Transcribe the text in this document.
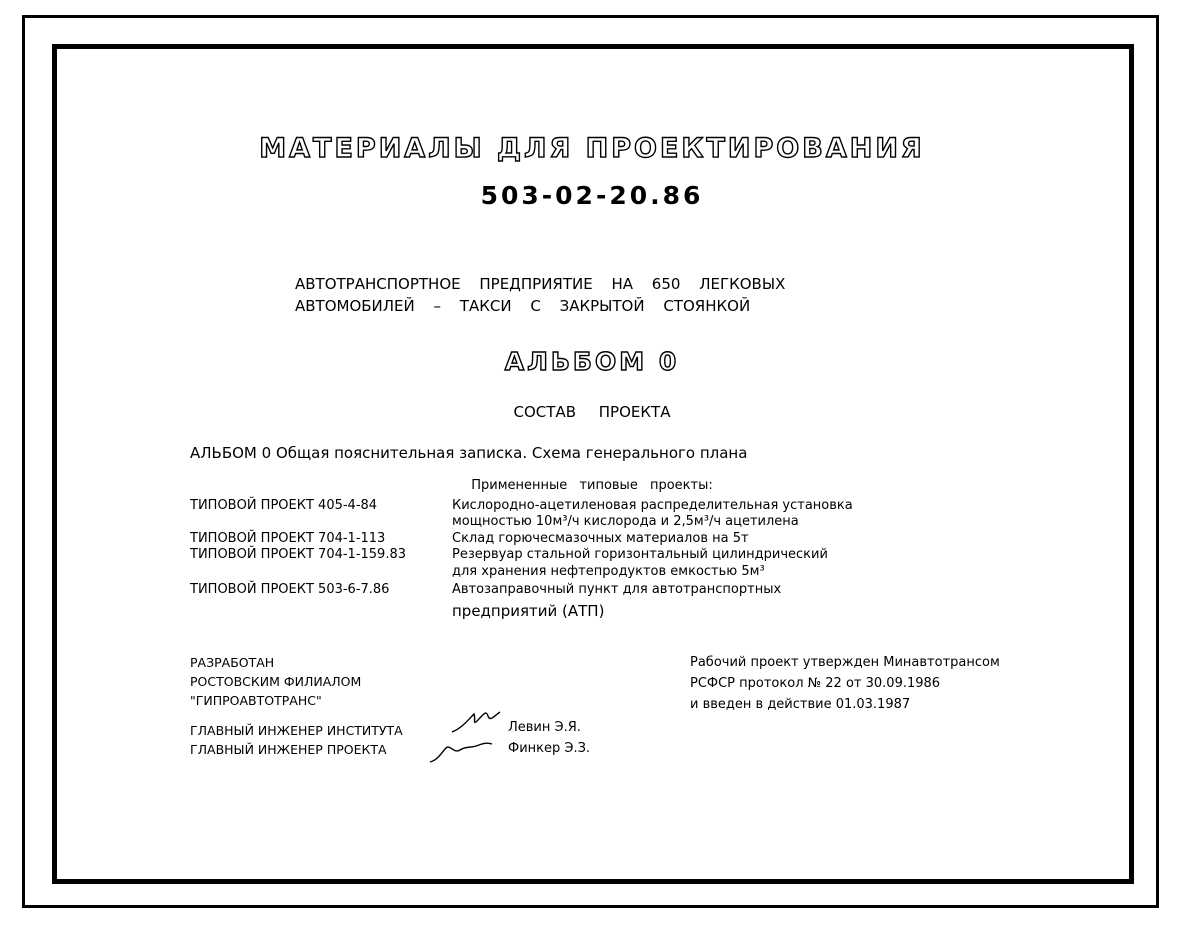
МАТЕРИАЛЫ ДЛЯ ПРОЕКТИРОВАНИЯ
503-02-20.86
АВТОТРАНСПОРТНОЕ ПРЕДПРИЯТИЕ НА 650 ЛЕГКОВЫХ
АВТОМОБИЛЕЙ – ТАКСИ С ЗАКРЫТОЙ СТОЯНКОЙ
АЛЬБОМ 0
СОСТАВ ПРОЕКТА
АЛЬБОМ 0 Общая пояснительная записка. Схема генерального плана
Примененные типовые проекты:
ТИПОВОЙ ПРОЕКТ 405-4-84	Кислородно-ацетиленовая распределительная установка
мощностью 10м³/ч кислорода и 2,5м³/ч ацетилена
ТИПОВОЙ ПРОЕКТ 704-1-113	Склад горючесмазочных материалов на 5т
ТИПОВОЙ ПРОЕКТ 704-1-159.83	Резервуар стальной горизонтальный цилиндрический
для хранения нефтепродуктов емкостью 5м³
ТИПОВОЙ ПРОЕКТ 503-6-7.86	Автозаправочный пункт для автотранспортных
предприятий (АТП)
РАЗРАБОТАН
РОСТОВСКИМ ФИЛИАЛОМ
"ГИПРОАВТОТРАНС"
Рабочий проект утвержден Минавтотрансом
РСФСР протокол № 22 от 30.09.1986
и введен в действие 01.03.1987
ГЛАВНЫЙ ИНЖЕНЕР ИНСТИТУТА
ГЛАВНЫЙ ИНЖЕНЕР ПРОЕКТА
Левин Э.Я.
Финкер Э.З.
